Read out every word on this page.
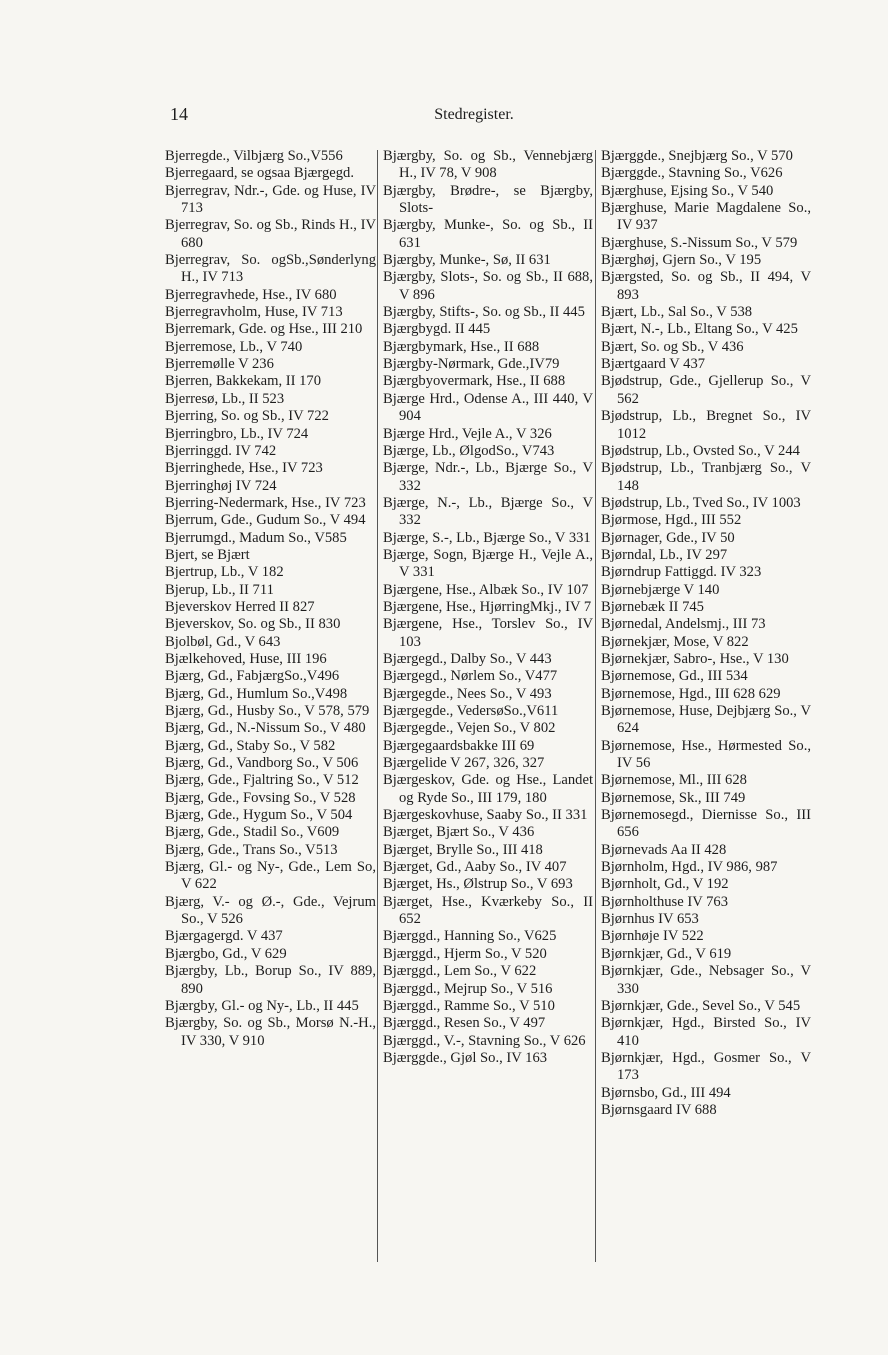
14	Stedregister.
Bjerregde., Vilbjærg So.,V556
Bjerregaard, se ogsaa Bjærgegd.
Bjerregrav, Ndr.-, Gde. og Huse, IV 713
Bjerregrav, So. og Sb., Rinds H., IV 680
Bjerregrav, So. ogSb.,Sønderlyng H., IV 713
Bjerregravhede, Hse., IV 680
Bjerregravholm, Huse, IV 713
Bjerremark, Gde. og Hse., III 210
Bjerremose, Lb., V 740
Bjerremølle V 236
Bjerren, Bakkekam, II 170
Bjerresø, Lb., II 523
Bjerring, So. og Sb., IV 722
Bjerringbro, Lb., IV 724
Bjerringgd. IV 742
Bjerringhede, Hse., IV 723
Bjerringhøj IV 724
Bjerring-Nedermark, Hse., IV 723
Bjerrum, Gde., Gudum So., V 494
Bjerrumgd., Madum So., V585
Bjert, se Bjært
Bjertrup, Lb., V 182
Bjerup, Lb., II 711
Bjeverskov Herred II 827
Bjeverskov, So. og Sb., II 830
Bjolbøl, Gd., V 643
Bjælkehoved, Huse, III 196
Bjærg, Gd., FabjærgSo.,V496
Bjærg, Gd., Humlum So.,V498
Bjærg, Gd., Husby So., V 578, 579
Bjærg, Gd., N.-Nissum So., V 480
Bjærg, Gd., Staby So., V 582
Bjærg, Gd., Vandborg So., V 506
Bjærg, Gde., Fjaltring So., V 512
Bjærg, Gde., Fovsing So., V 528
Bjærg, Gde., Hygum So., V 504
Bjærg, Gde., Stadil So., V609
Bjærg, Gde., Trans So., V513
Bjærg, Gl.- og Ny-, Gde., Lem So, V 622
Bjærg, V.- og Ø.-, Gde., Vejrum So., V 526
Bjærgagergd. V 437
Bjærgbo, Gd., V 629
Bjærgby, Lb., Borup So., IV 889, 890
Bjærgby, Gl.- og Ny-, Lb., II 445
Bjærgby, So. og Sb., Morsø N.-H., IV 330, V 910
Bjærgby, So. og Sb., Vennebjærg H., IV 78, V 908
Bjærgby, Brødre-, se Bjærgby, Slots-
Bjærgby, Munke-, So. og Sb., II 631
Bjærgby, Munke-, Sø, II 631
Bjærgby, Slots-, So. og Sb., II 688, V 896
Bjærgby, Stifts-, So. og Sb., II 445
Bjærgbygd. II 445
Bjærgbymark, Hse., II 688
Bjærgby-Nørmark, Gde.,IV79
Bjærgbyovermark, Hse., II 688
Bjærge Hrd., Odense A., III 440, V 904
Bjærge Hrd., Vejle A., V 326
Bjærge, Lb., ØlgodSo., V743
Bjærge, Ndr.-, Lb., Bjærge So., V 332
Bjærge, N.-, Lb., Bjærge So., V 332
Bjærge, S.-, Lb., Bjærge So., V 331
Bjærge, Sogn, Bjærge H., Vejle A., V 331
Bjærgene, Hse., Albæk So., IV 107
Bjærgene, Hse., HjørringMkj., IV 7
Bjærgene, Hse., Torslev So., IV 103
Bjærgegd., Dalby So., V 443
Bjærgegd., Nørlem So., V477
Bjærgegde., Nees So., V 493
Bjærgegde., VedersøSo.,V611
Bjærgegde., Vejen So., V 802
Bjærgegaardsbakke III 69
Bjærgelide V 267, 326, 327
Bjærgeskov, Gde. og Hse., Landet og Ryde So., III 179, 180
Bjærgeskovhuse, Saaby So., II 331
Bjærget, Bjært So., V 436
Bjærget, Brylle So., III 418
Bjærget, Gd., Aaby So., IV 407
Bjærget, Hs., Ølstrup So., V 693
Bjærget, Hse., Kværkeby So., II 652
Bjærggd., Hanning So., V625
Bjærggd., Hjerm So., V 520
Bjærggd., Lem So., V 622
Bjærggd., Mejrup So., V 516
Bjærggd., Ramme So., V 510
Bjærggd., Resen So., V 497
Bjærggd., V.-, Stavning So., V 626
Bjærggde., Gjøl So., IV 163
Bjærggde., Snejbjærg So., V 570
Bjærggde., Stavning So., V626
Bjærghuse, Ejsing So., V 540
Bjærghuse, Marie Magdalene So., IV 937
Bjærghuse, S.-Nissum So., V 579
Bjærghøj, Gjern So., V 195
Bjærgsted, So. og Sb., II 494, V 893
Bjært, Lb., Sal So., V 538
Bjært, N.-, Lb., Eltang So., V 425
Bjært, So. og Sb., V 436
Bjærtgaard V 437
Bjødstrup, Gde., Gjellerup So., V 562
Bjødstrup, Lb., Bregnet So., IV 1012
Bjødstrup, Lb., Ovsted So., V 244
Bjødstrup, Lb., Tranbjærg So., V 148
Bjødstrup, Lb., Tved So., IV 1003
Bjørmose, Hgd., III 552
Bjørnager, Gde., IV 50
Bjørndal, Lb., IV 297
Bjørndrup Fattiggd. IV 323
Bjørnebjærge V 140
Bjørnebæk II 745
Bjørnedal, Andelsmj., III 73
Bjørnekjær, Mose, V 822
Bjørnekjær, Sabro-, Hse., V 130
Bjørnemose, Gd., III 534
Bjørnemose, Hgd., III 628 629
Bjørnemose, Huse, Dejbjærg So., V 624
Bjørnemose, Hse., Hørmested So., IV 56
Bjørnemose, Ml., III 628
Bjørnemose, Sk., III 749
Bjørnemosegd., Diernisse So., III 656
Bjørnevads Aa II 428
Bjørnholm, Hgd., IV 986, 987
Bjørnholt, Gd., V 192
Bjørnholthuse IV 763
Bjørnhus IV 653
Bjørnhøje IV 522
Bjørnkjær, Gd., V 619
Bjørnkjær, Gde., Nebsager So., V 330
Bjørnkjær, Gde., Sevel So., V 545
Bjørnkjær, Hgd., Birsted So., IV 410
Bjørnkjær, Hgd., Gosmer So., V 173
Bjørnsbo, Gd., III 494
Bjørnsgaard IV 688
